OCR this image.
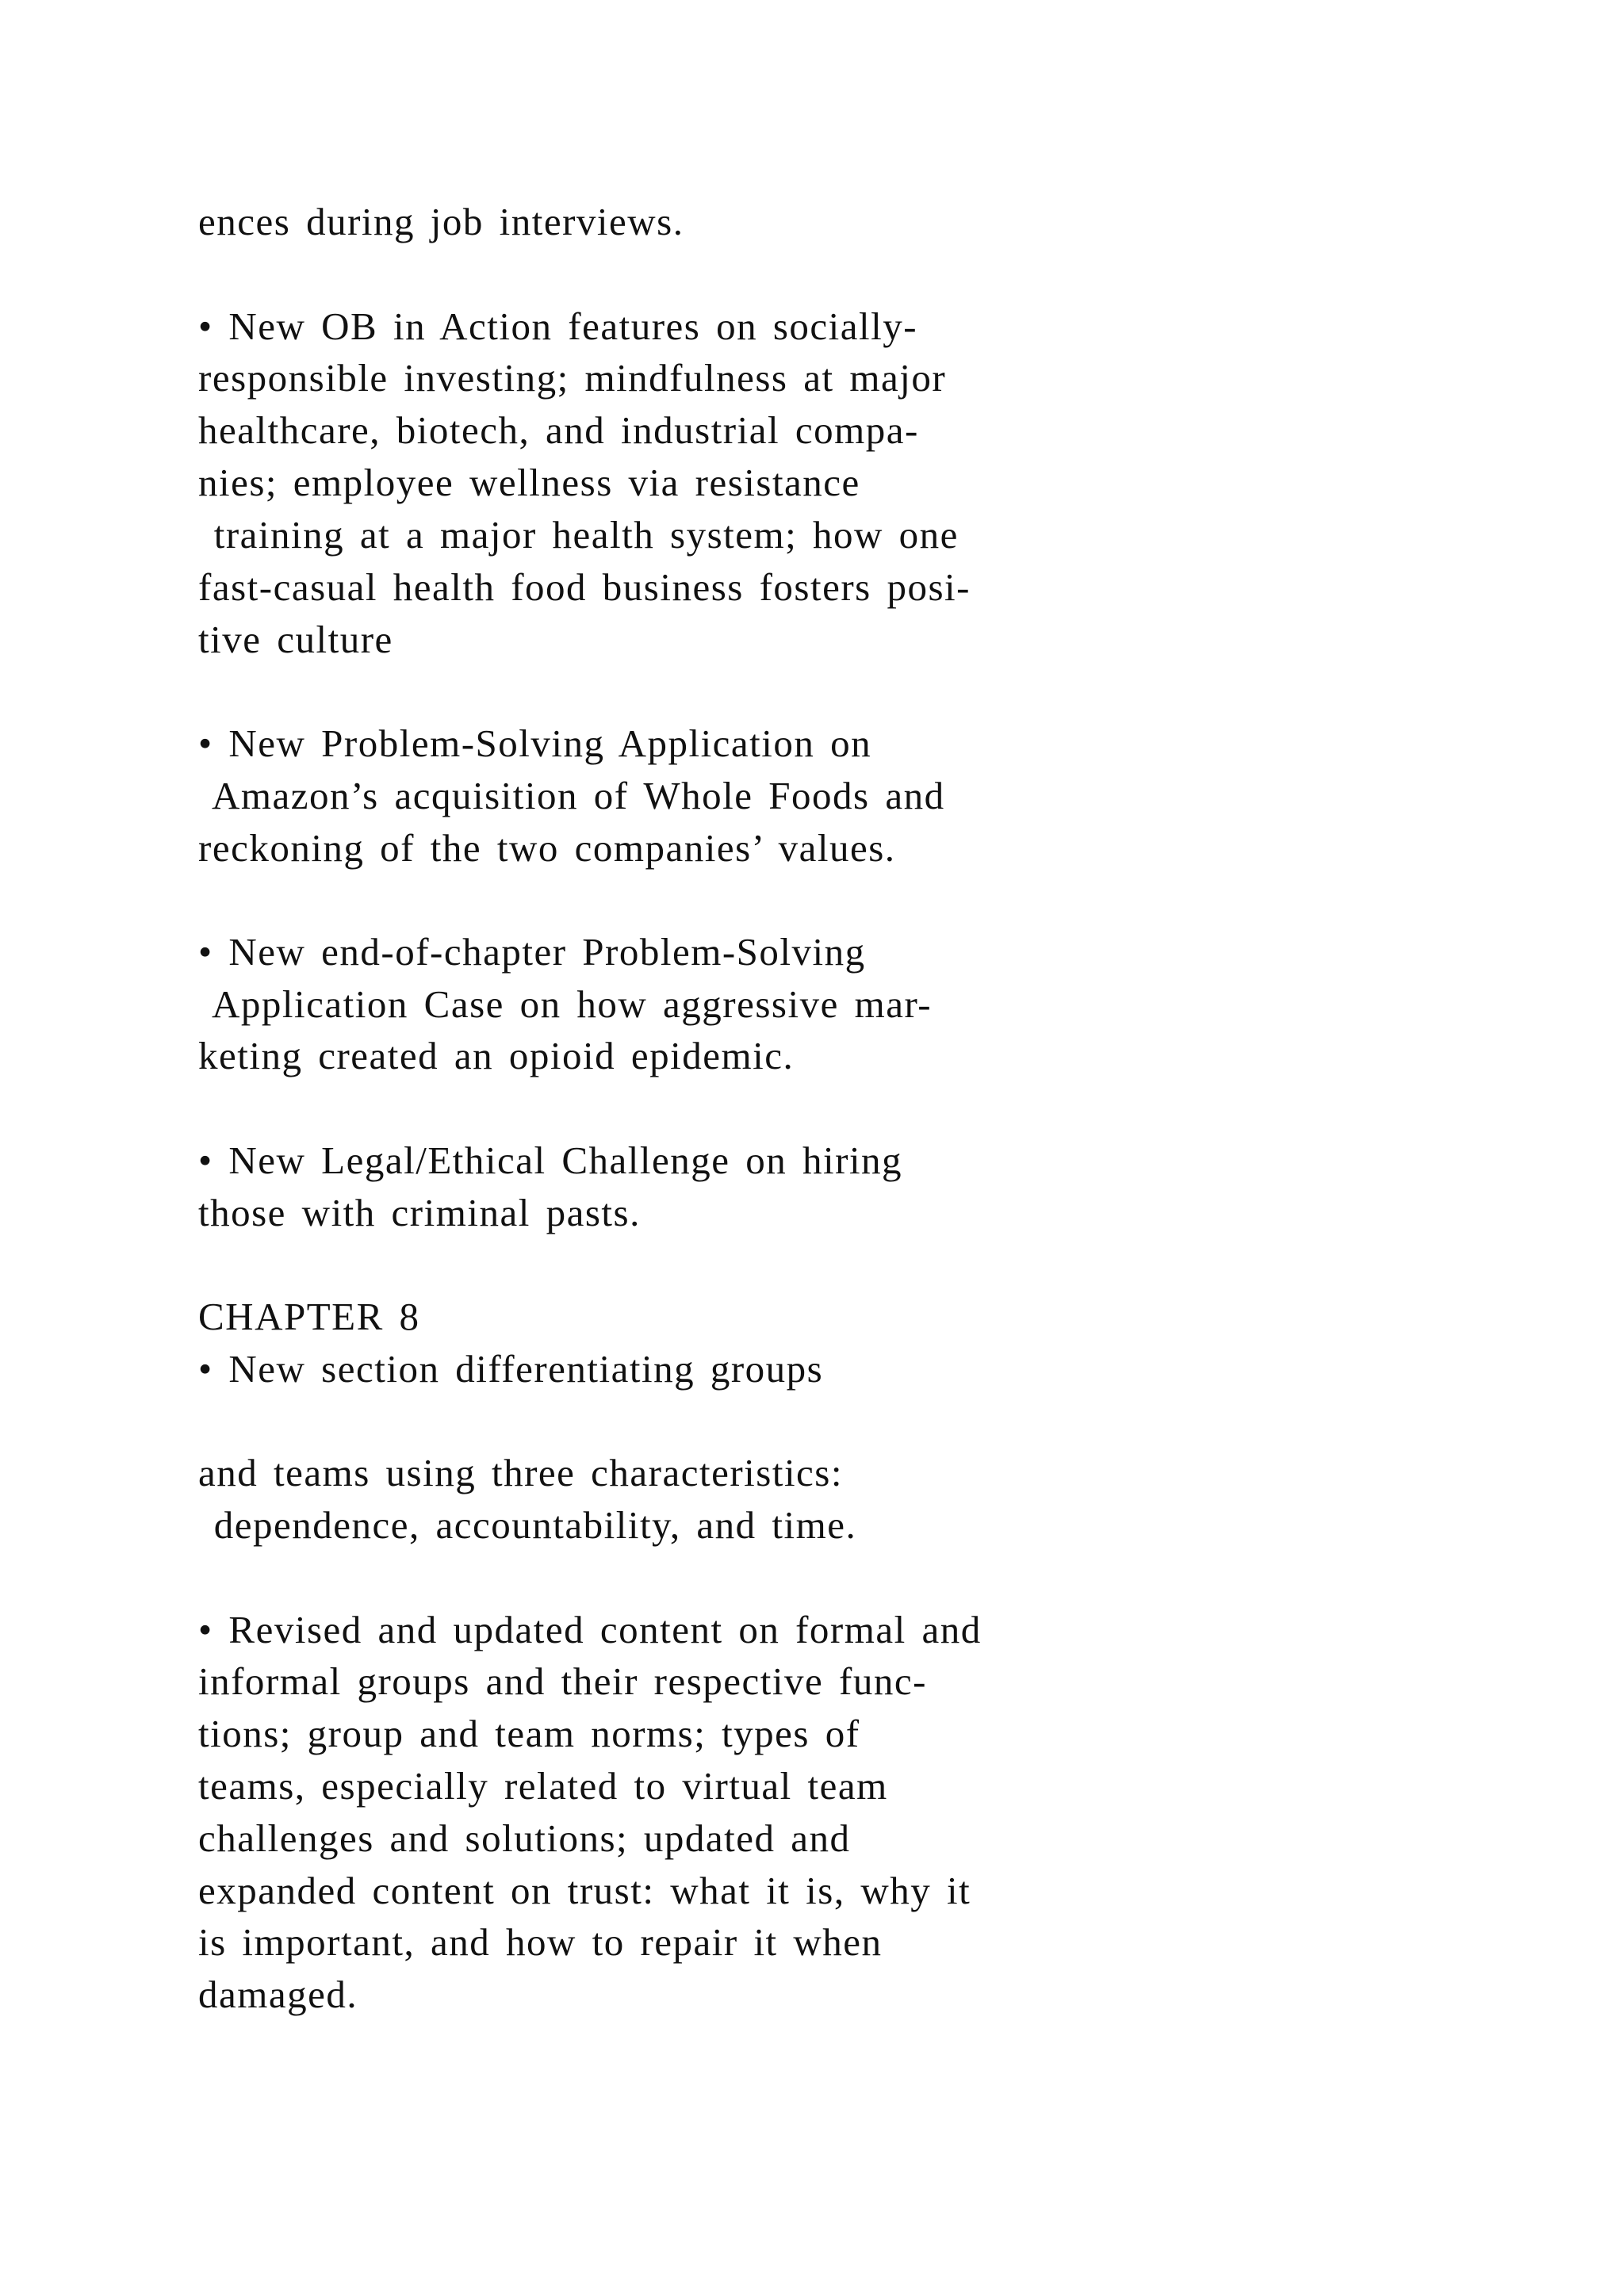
ences during job interviews.

• New OB in Action features on socially-

responsible investing; mindfulness at major

healthcare, biotech, and industrial compa-

nies; employee wellness via resistance

training at a major health system; how one

fast-casual health food business fosters posi-

tive culture

• New Problem-Solving Application on

Amazon’s acquisition of Whole Foods and

reckoning of the two companies’ values.

• New end-of-chapter Problem-Solving

Application Case on how aggressive mar-

keting created an opioid epidemic.

• New Legal/Ethical Challenge on hiring

those with criminal pasts.

CHAPTER 8

• New section differentiating groups

and teams using three characteristics:

dependence, accountability, and time.

• Revised and updated content on formal and

informal groups and their respective func-

tions; group and team norms; types of

teams, especially related to virtual team

challenges and solutions; updated and

expanded content on trust: what it is, why it

is important, and how to repair it when

damaged.
